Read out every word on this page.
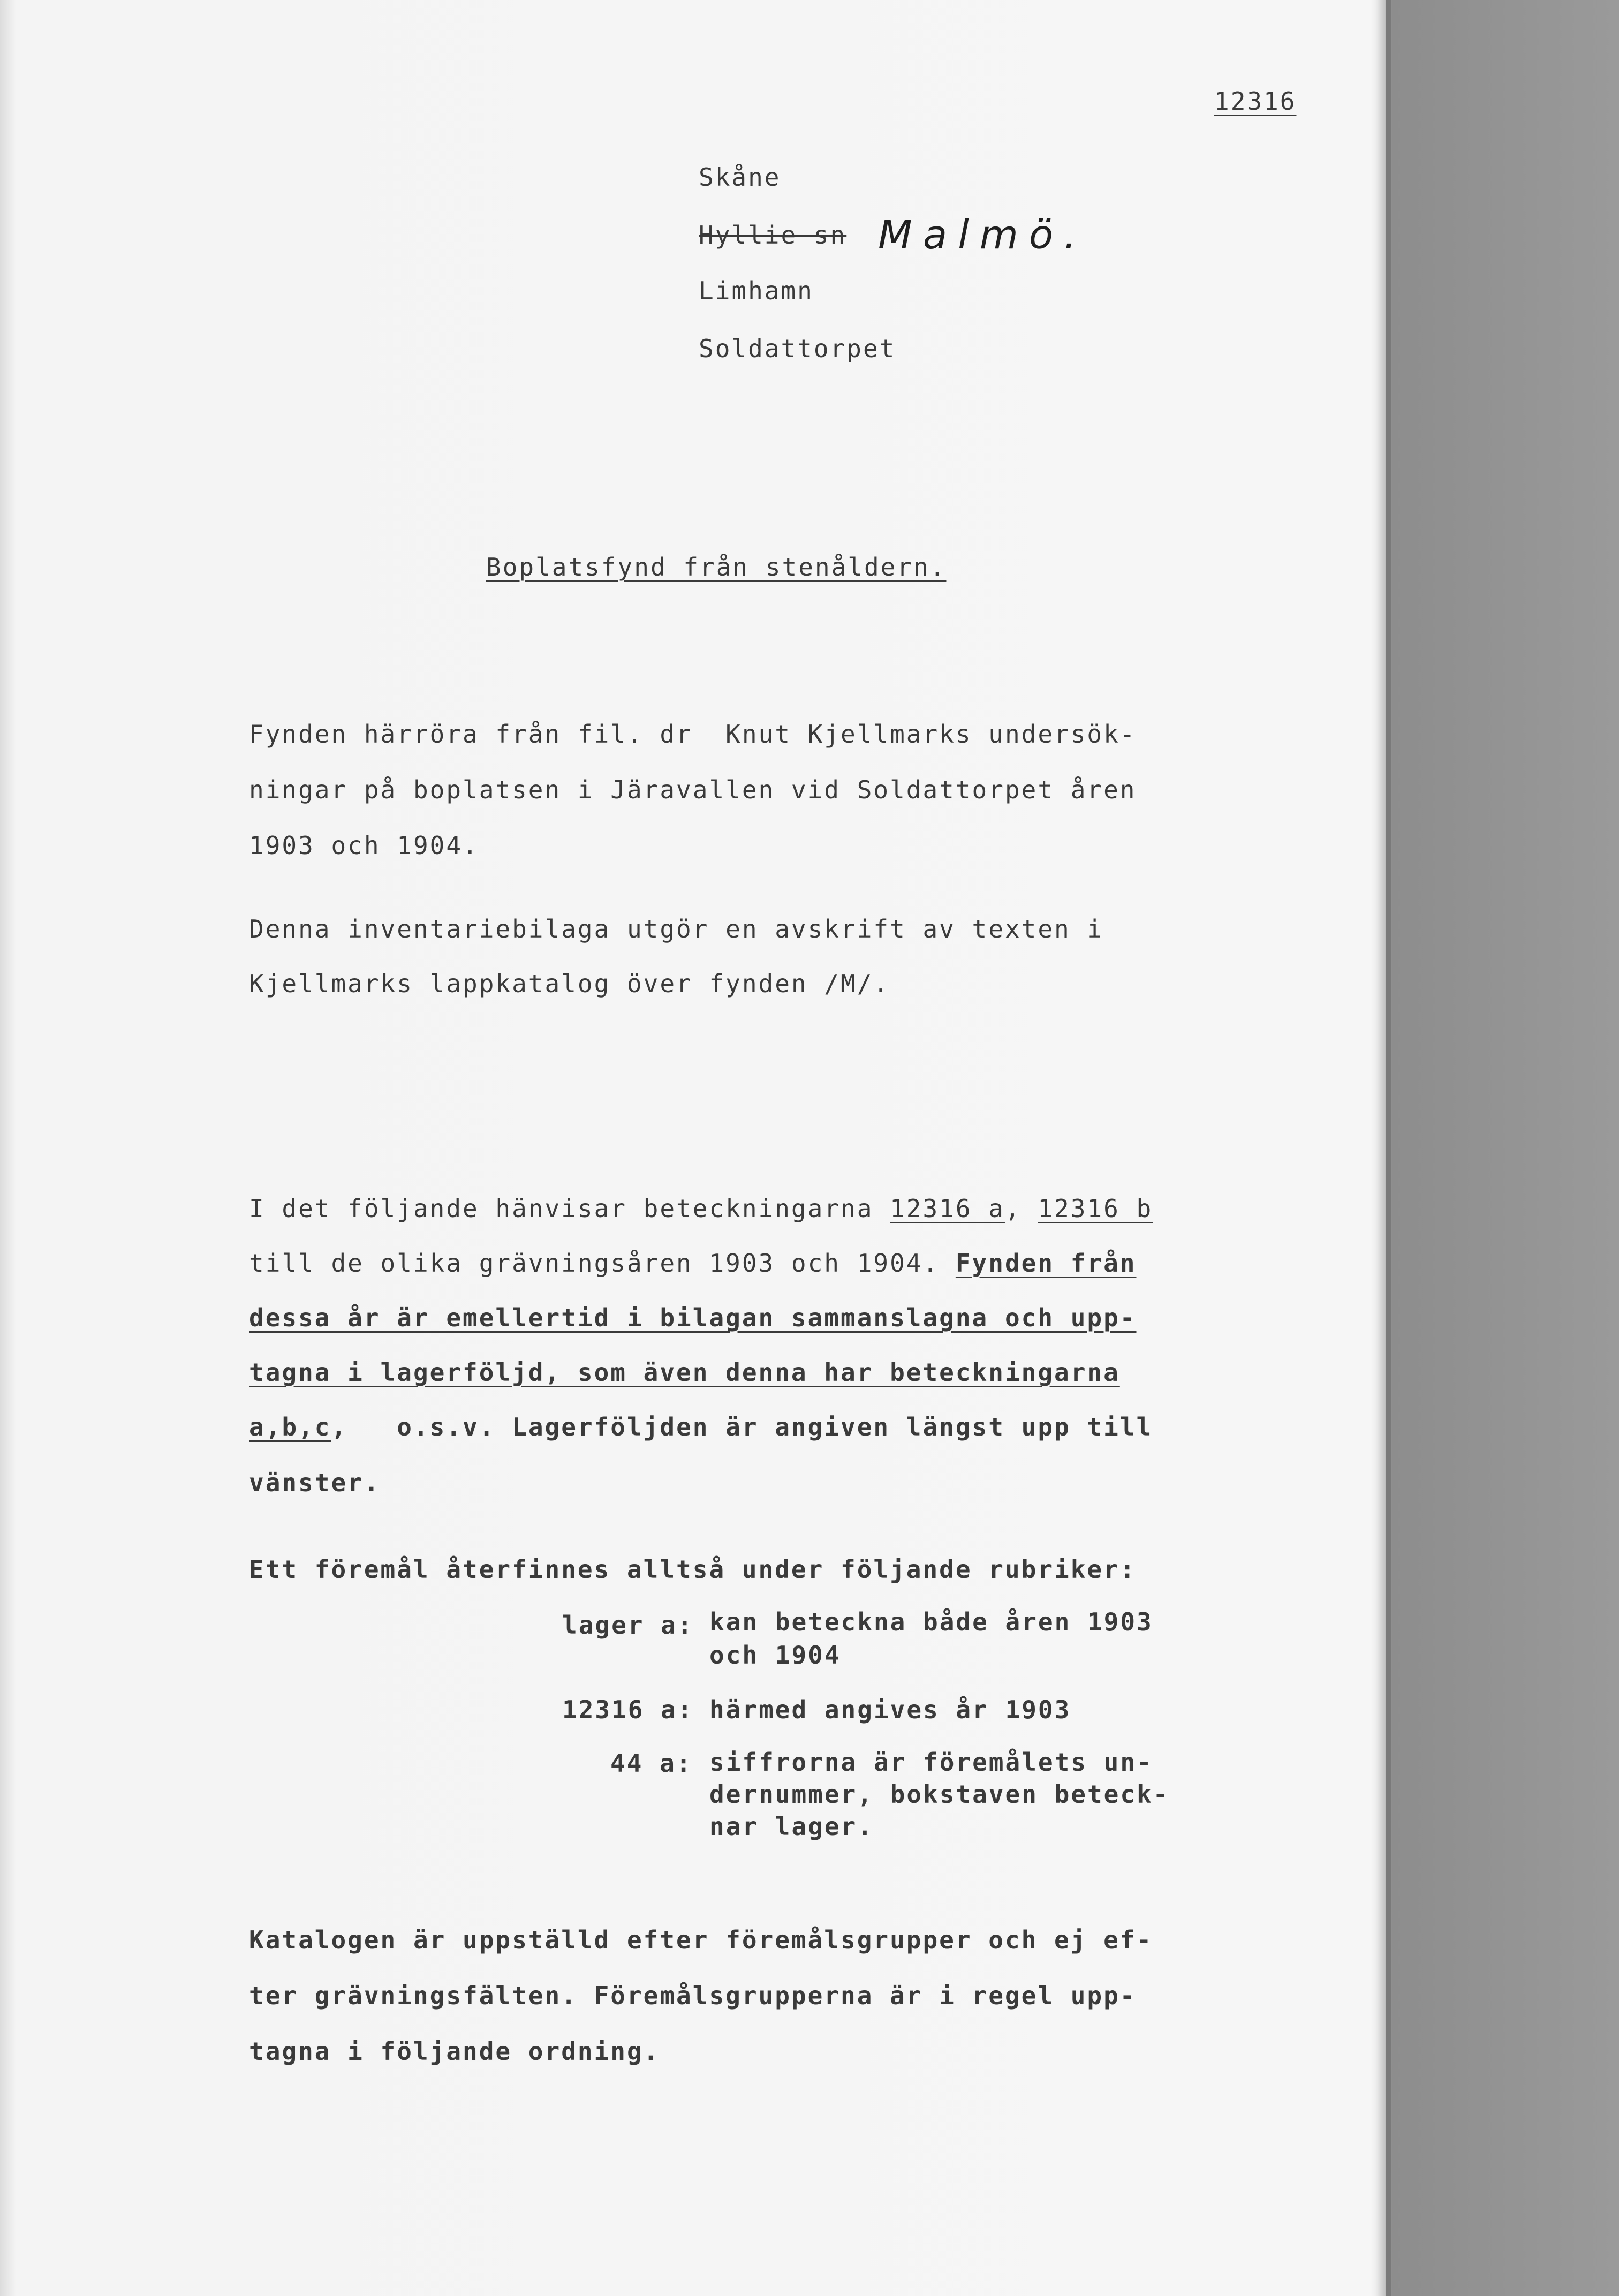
12316
Skåne
Hyllie sn Malmö.
Limhamn
Soldattorpet
Boplatsfynd från stenåldern.
Fynden härröra från fil. dr  Knut Kjellmarks undersök-
ningar på boplatsen i Järavallen vid Soldattorpet åren
1903 och 1904.
Denna inventariebilaga utgör en avskrift av texten i
Kjellmarks lappkatalog över fynden /M/.
I det följande hänvisar beteckningarna 12316 a, 12316 b
till de olika grävningsåren 1903 och 1904. Fynden från
dessa år är emellertid i bilagan sammanslagna och upp-
tagna i lagerföljd, som även denna har beteckningarna
a,b,c,   o.s.v. Lagerföljden är angiven längst upp till
vänster.
Ett föremål återfinnes alltså under följande rubriker:
lager a: kan beteckna både åren 1903
och 1904
12316 a: härmed angives år 1903
44 a: siffrorna är föremålets un-
dernummer, bokstaven beteck-
nar lager.
Katalogen är uppställd efter föremålsgrupper och ej ef-
ter grävningsfälten. Föremålsgrupperna är i regel upp-
tagna i följande ordning.
